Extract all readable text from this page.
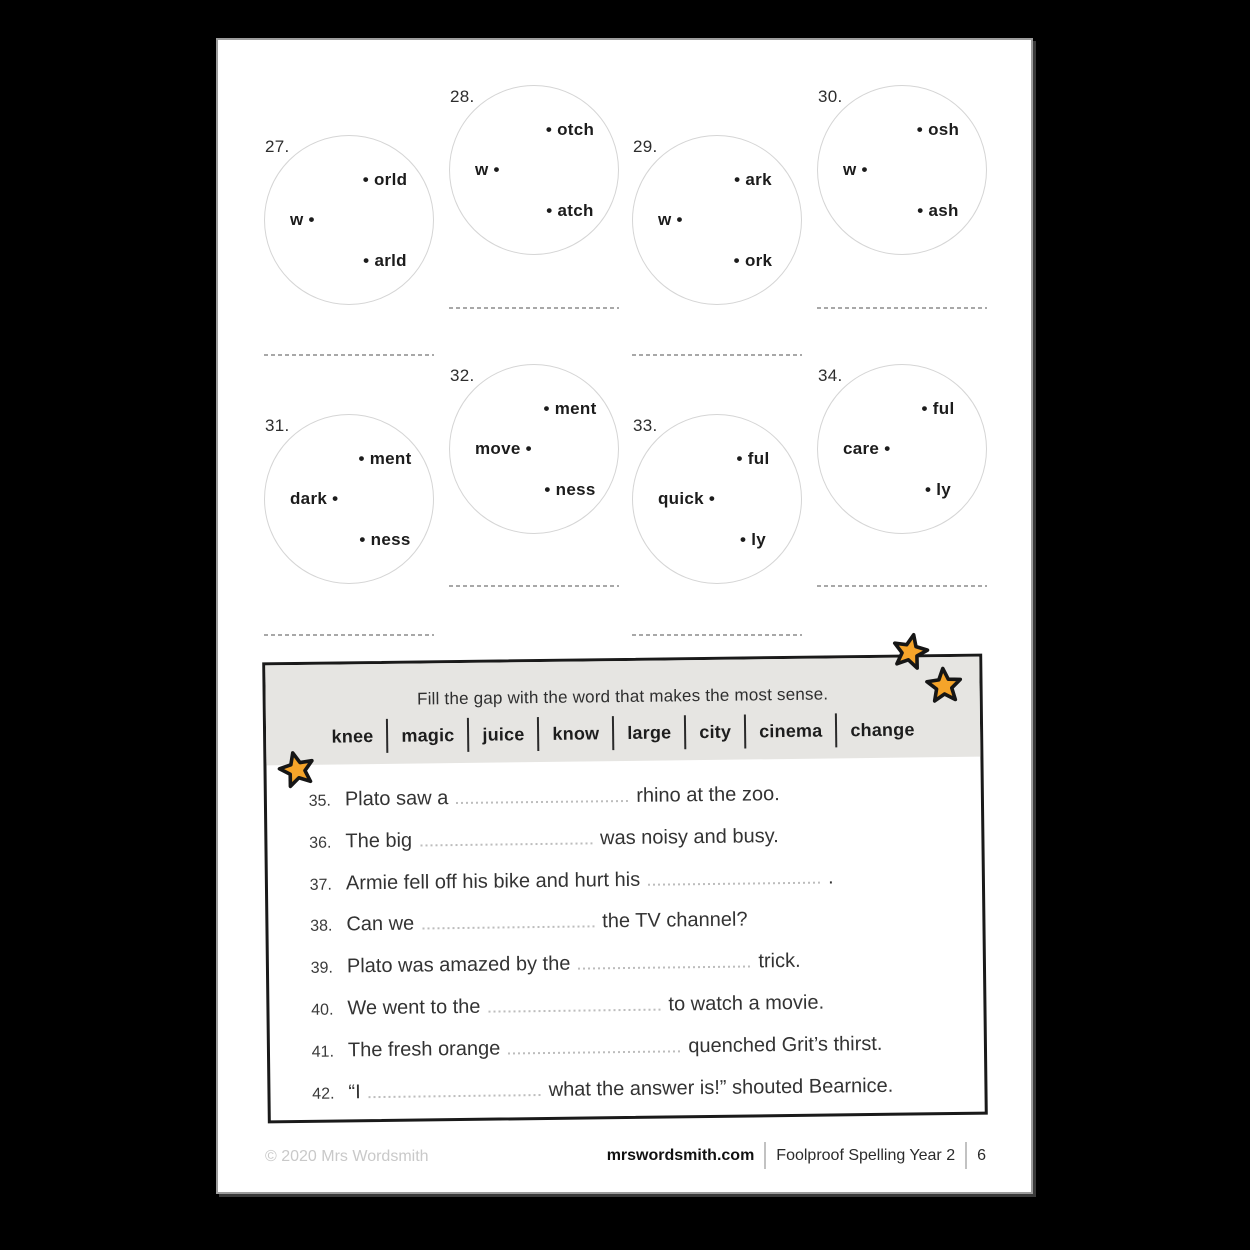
27.
w •
• orld
• arld
28.
w •
• otch
• atch
29.
w •
• ark
• ork
30.
w •
• osh
• ash
31.
dark •
• ment
• ness
32.
move •
• ment
• ness
33.
quick •
• ful
• ly
34.
care •
• ful
• ly
Fill the gap with the word that makes the most sense.
knee	magic	juice	know	large	city	cinema	change
35. Plato saw a	rhino at the zoo.
36. The big	was noisy and busy.
37. Armie fell off his bike and hurt his	.
38. Can we	the TV channel?
39. Plato was amazed by the	trick.
40. We went to the	to watch a movie.
41. The fresh orange	quenched Grit’s thirst.
42. “I	what the answer is!” shouted Bearnice.
© 2020 Mrs Wordsmith	mrswordsmith.com Foolproof Spelling Year 2 6
